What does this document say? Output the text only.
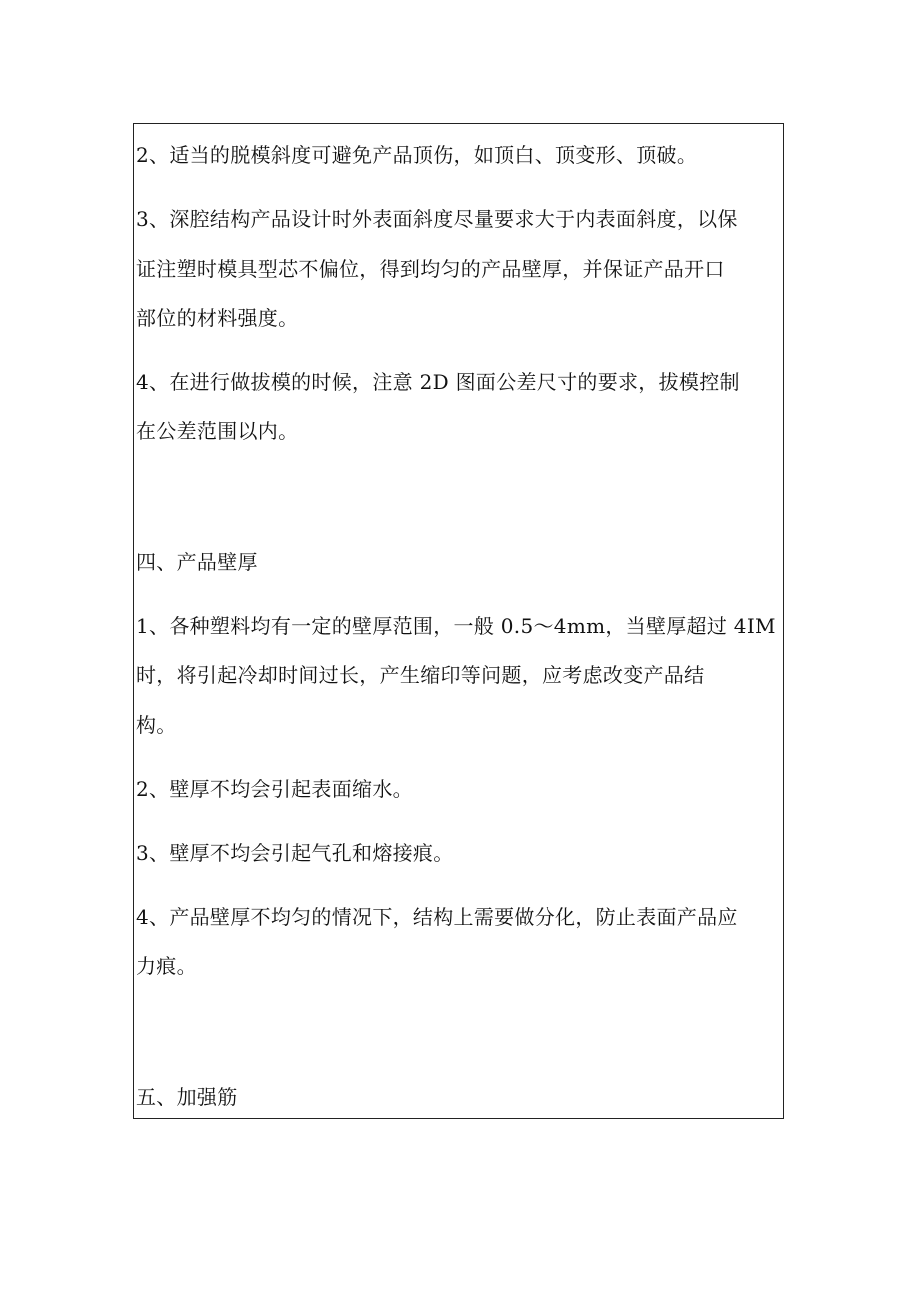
2、适当的脱模斜度可避免产品顶伤，如顶白、顶变形、顶破。
3、深腔结构产品设计时外表面斜度尽量要求大于内表面斜度，以保
证注塑时模具型芯不偏位，得到均匀的产品壁厚，并保证产品开口
部位的材料强度。
4、在进行做拔模的时候，注意 2D 图面公差尺寸的要求，拔模控制
在公差范围以内。
四、产品壁厚
1、各种塑料均有一定的壁厚范围，一般 0.5～4mm，当壁厚超过 4IM
时，将引起冷却时间过长，产生缩印等问题，应考虑改变产品结
构。
2、壁厚不均会引起表面缩水。
3、壁厚不均会引起气孔和熔接痕。
4、产品壁厚不均匀的情况下，结构上需要做分化，防止表面产品应
力痕。
五、加强筋
